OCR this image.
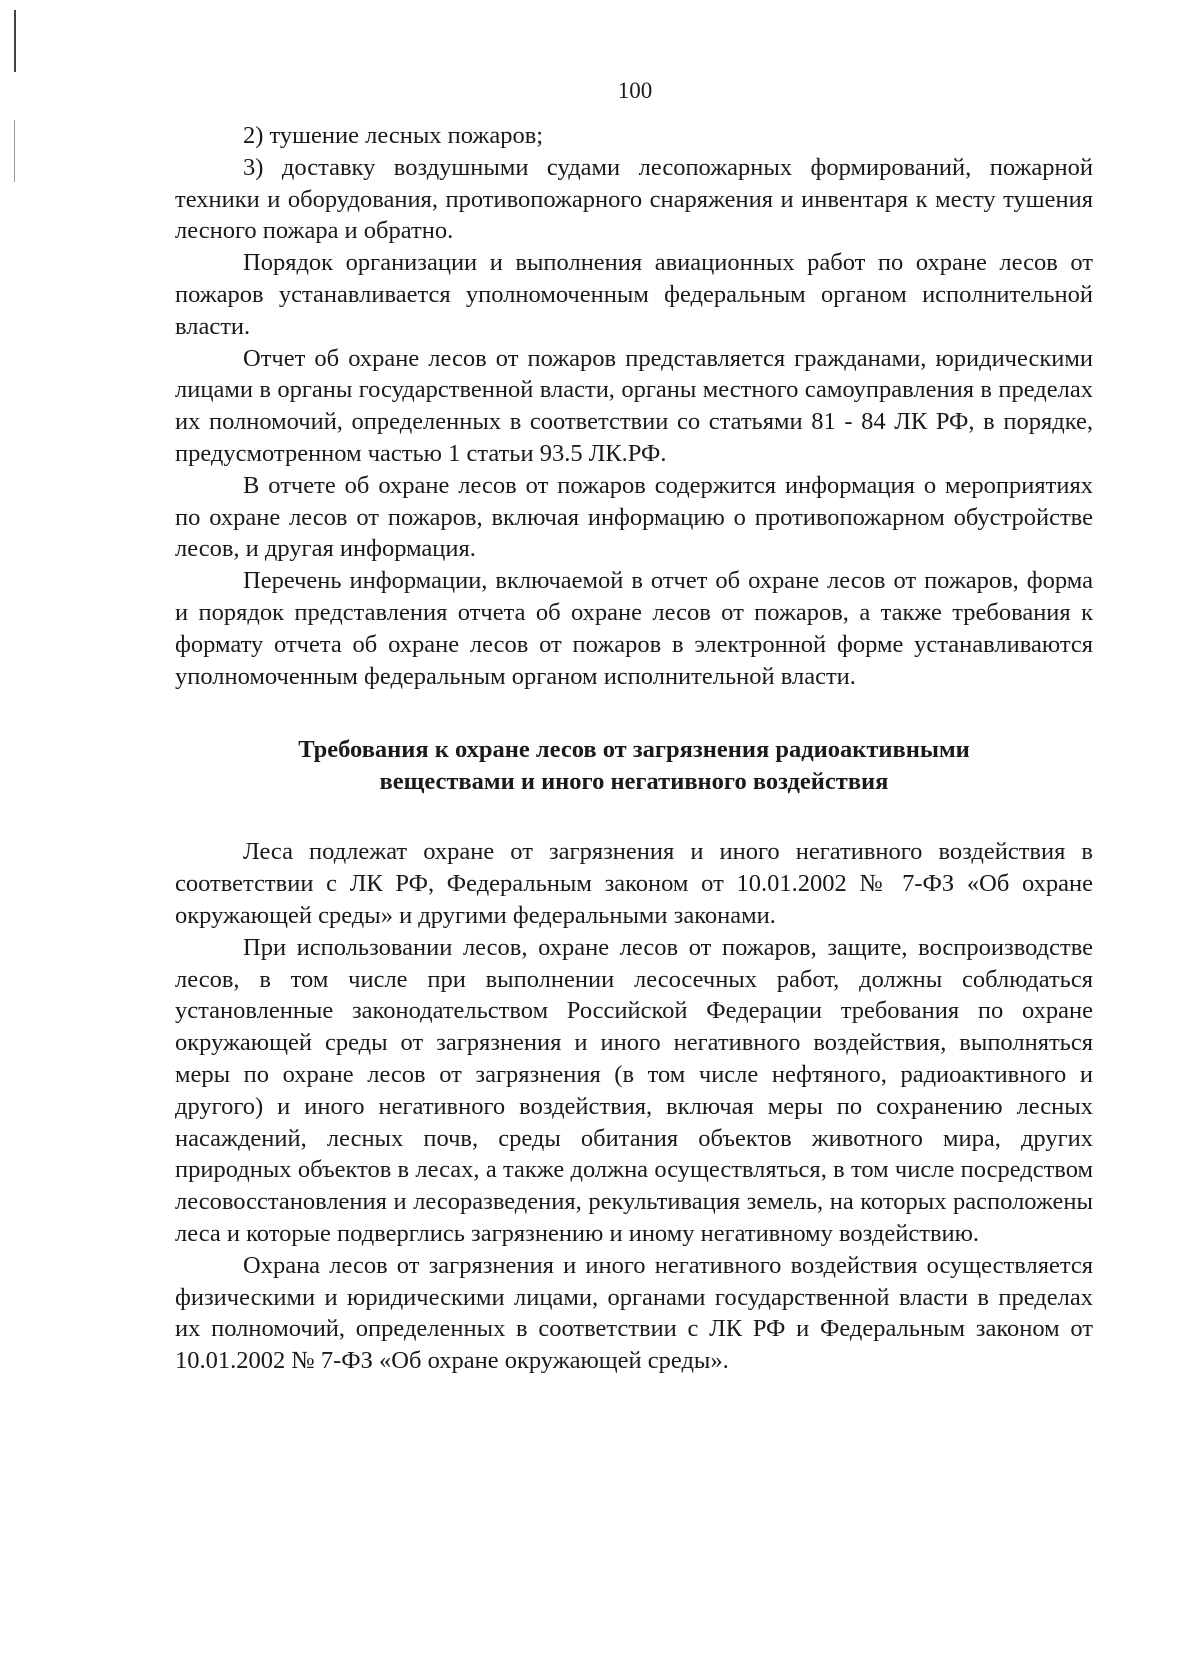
100

2) тушение лесных пожаров;

3) доставку воздушными судами лесопожарных формирований, пожарной техники и оборудования, противопожарного снаряжения и инвентаря к месту тушения лесного пожара и обратно.

Порядок организации и выполнения авиационных работ по охране лесов от пожаров устанавливается уполномоченным федеральным органом исполнительной власти.

Отчет об охране лесов от пожаров представляется гражданами, юридическими лицами в органы государственной власти, органы местного самоуправления в пределах их полномочий, определенных в соответствии со статьями 81 - 84 ЛК РФ, в порядке, предусмотренном частью 1 статьи 93.5 ЛК.РФ.

В отчете об охране лесов от пожаров содержится информация о мероприятиях по охране лесов от пожаров, включая информацию о противопожарном обустройстве лесов, и другая информация.

Перечень информации, включаемой в отчет об охране лесов от пожаров, форма и порядок представления отчета об охране лесов от пожаров, а также требования к формату отчета об охране лесов от пожаров в электронной форме устанавливаются уполномоченным федеральным органом исполнительной власти.

Требования к охране лесов от загрязнения радиоактивными
веществами и иного негативного воздействия

Леса подлежат охране от загрязнения и иного негативного воздействия в соответствии с ЛК РФ, Федеральным законом от 10.01.2002 № 7-ФЗ «Об охране окружающей среды» и другими федеральными законами.

При использовании лесов, охране лесов от пожаров, защите, воспроизводстве лесов, в том числе при выполнении лесосечных работ, должны соблюдаться установленные законодательством Российской Федерации требования по охране окружающей среды от загрязнения и иного негативного воздействия, выполняться меры по охране лесов от загрязнения (в том числе нефтяного, радиоактивного и другого) и иного негативного воздействия, включая меры по сохранению лесных насаждений, лесных почв, среды обитания объектов животного мира, других природных объектов в лесах, а также должна осуществляться, в том числе посредством лесовосстановления и лесоразведения, рекультивация земель, на которых расположены леса и которые подверглись загрязнению и иному негативному воздействию.

Охрана лесов от загрязнения и иного негативного воздействия осуществляется физическими и юридическими лицами, органами государственной власти в пределах их полномочий, определенных в соответствии с ЛК РФ и Федеральным законом от 10.01.2002 № 7-ФЗ «Об охране окружающей среды».
